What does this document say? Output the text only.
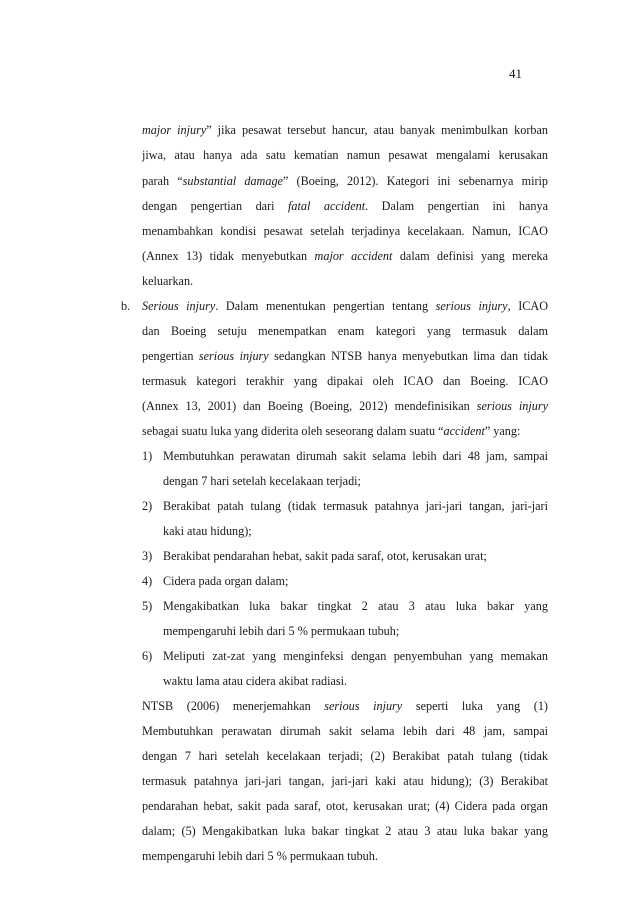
41
major injury” jika pesawat tersebut hancur, atau banyak menimbulkan korban
jiwa, atau hanya ada satu kematian namun pesawat mengalami kerusakan
parah “substantial damage” (Boeing, 2012). Kategori ini sebenarnya mirip
dengan pengertian dari fatal accident. Dalam pengertian ini hanya
menambahkan kondisi pesawat setelah terjadinya kecelakaan. Namun, ICAO
(Annex 13) tidak menyebutkan major accident dalam definisi yang mereka
keluarkan.
b. Serious injury. Dalam menentukan pengertian tentang serious injury, ICAO
dan Boeing setuju menempatkan enam kategori yang termasuk dalam
pengertian serious injury sedangkan NTSB hanya menyebutkan lima dan tidak
termasuk kategori terakhir yang dipakai oleh ICAO dan Boeing. ICAO
(Annex 13, 2001) dan Boeing (Boeing, 2012) mendefinisikan serious injury
sebagai suatu luka yang diderita oleh seseorang dalam suatu “accident” yang:
1) Membutuhkan perawatan dirumah sakit selama lebih dari 48 jam, sampai
dengan 7 hari setelah kecelakaan terjadi;
2) Berakibat patah tulang (tidak termasuk patahnya jari-jari tangan, jari-jari
kaki atau hidung);
3) Berakibat pendarahan hebat, sakit pada saraf, otot, kerusakan urat;
4) Cidera pada organ dalam;
5) Mengakibatkan luka bakar tingkat 2 atau 3 atau luka bakar yang
mempengaruhi lebih dari 5 % permukaan tubuh;
6) Meliputi zat-zat yang menginfeksi dengan penyembuhan yang memakan
waktu lama atau cidera akibat radiasi.
NTSB (2006) menerjemahkan serious injury seperti luka yang (1)
Membutuhkan perawatan dirumah sakit selama lebih dari 48 jam, sampai
dengan 7 hari setelah kecelakaan terjadi; (2) Berakibat patah tulang (tidak
termasuk patahnya jari-jari tangan, jari-jari kaki atau hidung); (3) Berakibat
pendarahan hebat, sakit pada saraf, otot, kerusakan urat; (4) Cidera pada organ
dalam; (5) Mengakibatkan luka bakar tingkat 2 atau 3 atau luka bakar yang
mempengaruhi lebih dari 5 % permukaan tubuh.
